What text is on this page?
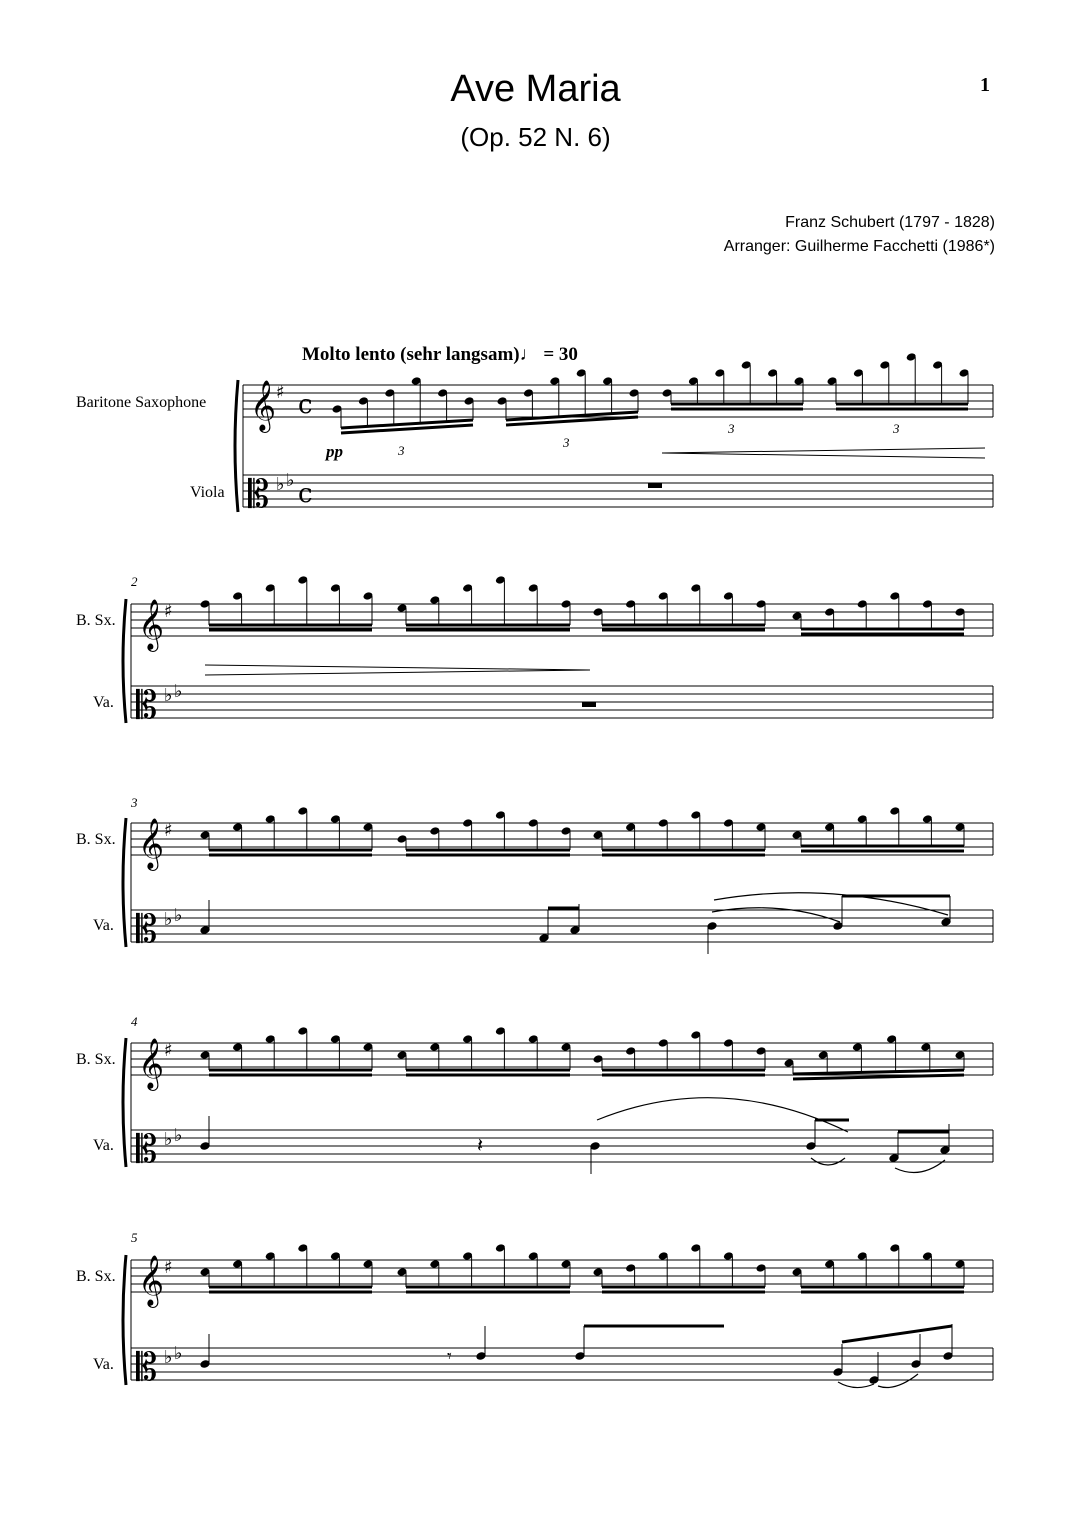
Ave Maria
(Op. 52 N. 6)
1
Franz Schubert (1797 - 1828)
Arranger: Guilherme Facchetti (1986*)
Molto lento (sehr langsam)♩ = 30
Baritone Saxophone
Viola
B. Sx.
Va.
2
B. Sx.
Va.
3
B. Sx.
Va.
4
B. Sx.
Va.
5
𝄞 ♯ c
𝄡 ♭ ♭ c
𝄞 ♯
𝄡 ♭ ♭
𝄞 ♯
𝄡 ♭ ♭
𝄞 ♯
𝄡 ♭ ♭
𝄞 ♯
𝄡 ♭ ♭
pp	3
3
3	3
𝄽
𝄾
